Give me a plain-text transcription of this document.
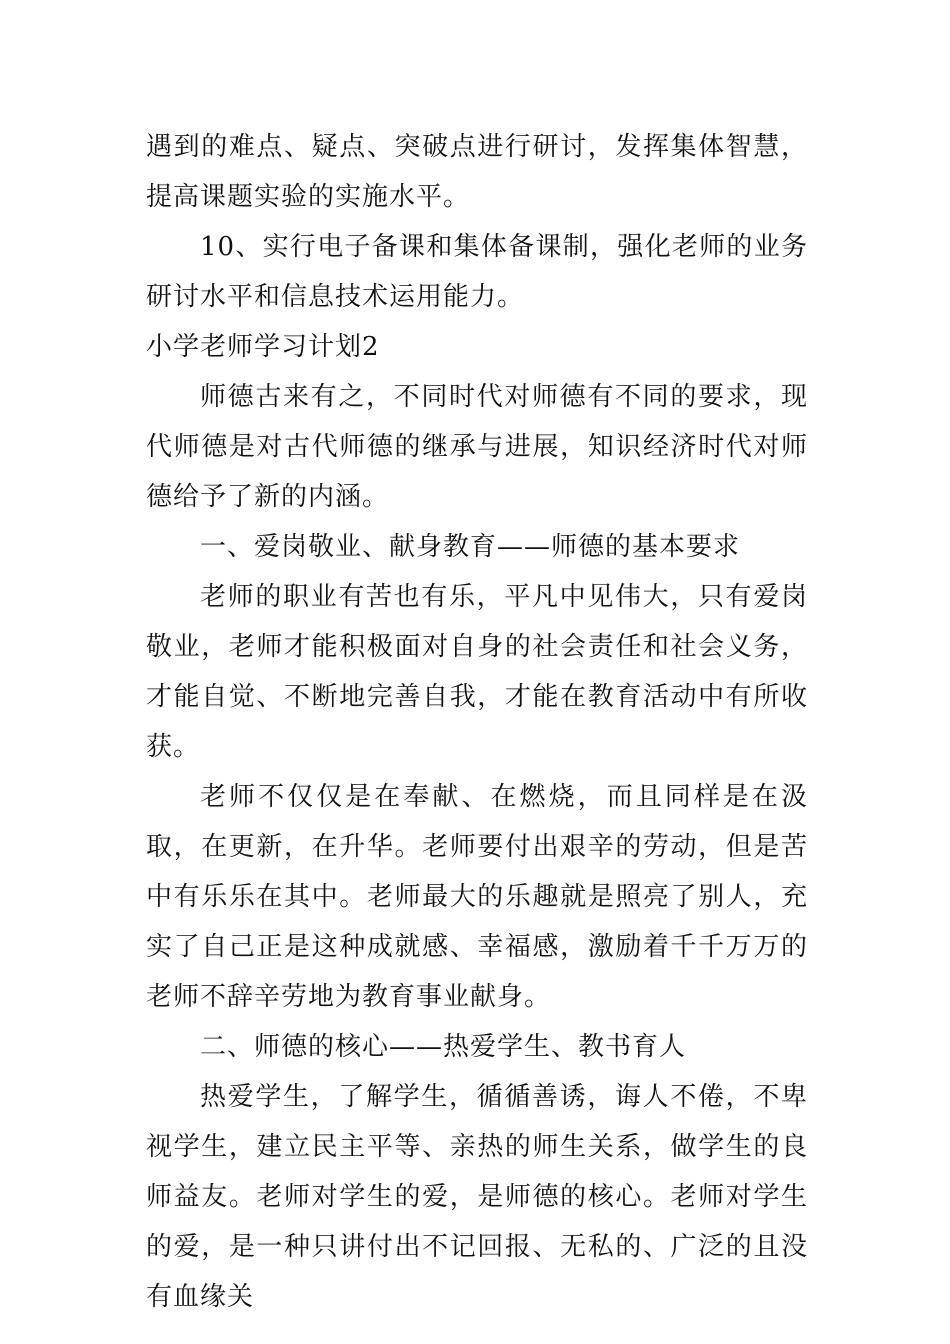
遇到的难点、疑点、突破点进行研讨，发挥集体智慧，提高课题实验的实施水平。

10、实行电子备课和集体备课制，强化老师的业务研讨水平和信息技术运用能力。

小学老师学习计划2

师德古来有之，不同时代对师德有不同的要求，现代师德是对古代师德的继承与进展，知识经济时代对师德给予了新的内涵。

一、爱岗敬业、献身教育——师德的基本要求

老师的职业有苦也有乐，平凡中见伟大，只有爱岗敬业，老师才能积极面对自身的社会责任和社会义务，才能自觉、不断地完善自我，才能在教育活动中有所收获。

老师不仅仅是在奉献、在燃烧，而且同样是在汲取，在更新，在升华。老师要付出艰辛的劳动，但是苦中有乐乐在其中。老师最大的乐趣就是照亮了别人，充实了自己正是这种成就感、幸福感，激励着千千万万的老师不辞辛劳地为教育事业献身。

二、师德的核心——热爱学生、教书育人

热爱学生，了解学生，循循善诱，诲人不倦，不卑视学生，建立民主平等、亲热的师生关系，做学生的良师益友。老师对学生的爱，是师德的核心。老师对学生的爱，是一种只讲付出不记回报、无私的、广泛的且没有血缘关
